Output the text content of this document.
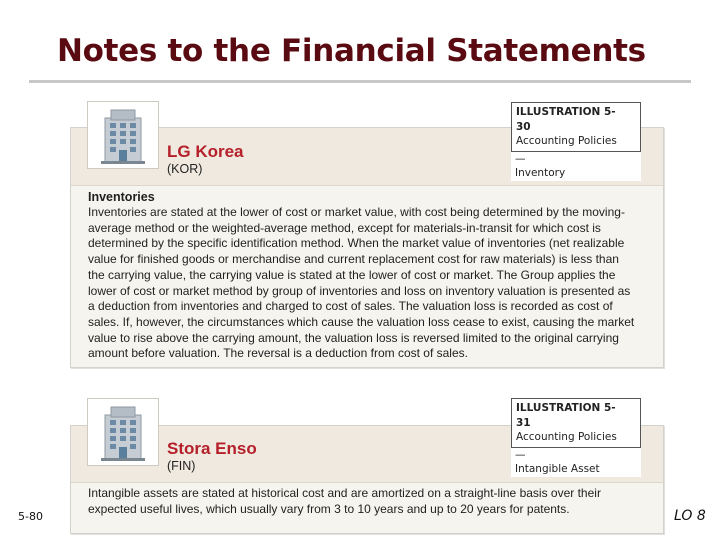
Notes to the Financial Statements
LG Korea
(KOR)
Inventories
Inventories are stated at the lower of cost or market value, with cost being determined by the moving-
average method or the weighted-average method, except for materials-in-transit for which cost is
determined by the specific identification method. When the market value of inventories (net realizable
value for finished goods or merchandise and current replacement cost for raw materials) is less than
the carrying value, the carrying value is stated at the lower of cost or market. The Group applies the
lower of cost or market method by group of inventories and loss on inventory valuation is presented as
a deduction from inventories and charged to cost of sales. The valuation loss is recorded as cost of
sales. If, however, the circumstances which cause the valuation loss cease to exist, causing the market
value to rise above the carrying amount, the valuation loss is reversed limited to the original carrying
amount before valuation. The reversal is a deduction from cost of sales.
ILLUSTRATION 5-
30
Accounting Policies
—
Inventory
Stora Enso
(FIN)
Intangible assets are stated at historical cost and are amortized on a straight-line basis over their
expected useful lives, which usually vary from 3 to 10 years and up to 20 years for patents.
ILLUSTRATION 5-
31
Accounting Policies
—
Intangible Asset
5-80	LO 8
